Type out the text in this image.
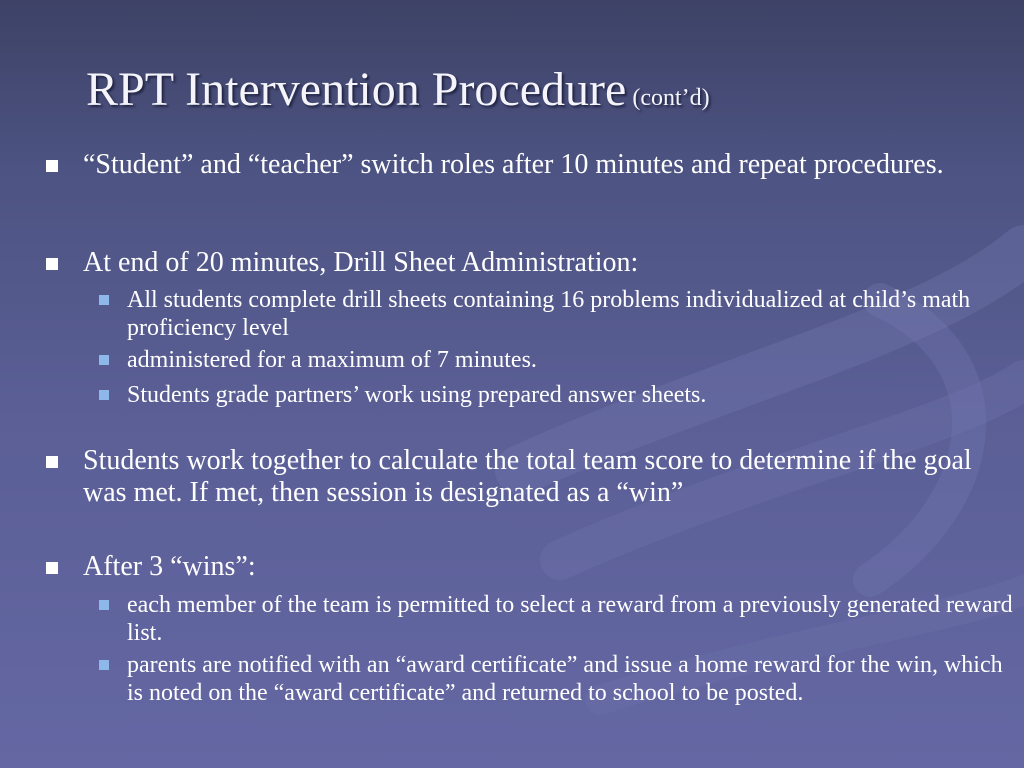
RPT Intervention Procedure (cont’d)
“Student” and “teacher” switch roles after 10 minutes and repeat procedures.
At end of 20 minutes, Drill Sheet Administration:
All students complete drill sheets containing 16 problems individualized at child’s math proficiency level
administered for a maximum of 7 minutes.
Students grade partners’ work using prepared answer sheets.
Students work together to calculate the total team score to determine if the goal was met. If met, then session is designated as a “win”
After 3 “wins”:
each member of the team is permitted to select a reward from a previously generated reward list.
parents are notified with an “award certificate” and issue a home reward for the win, which is noted on the “award certificate” and returned to school to be posted.
